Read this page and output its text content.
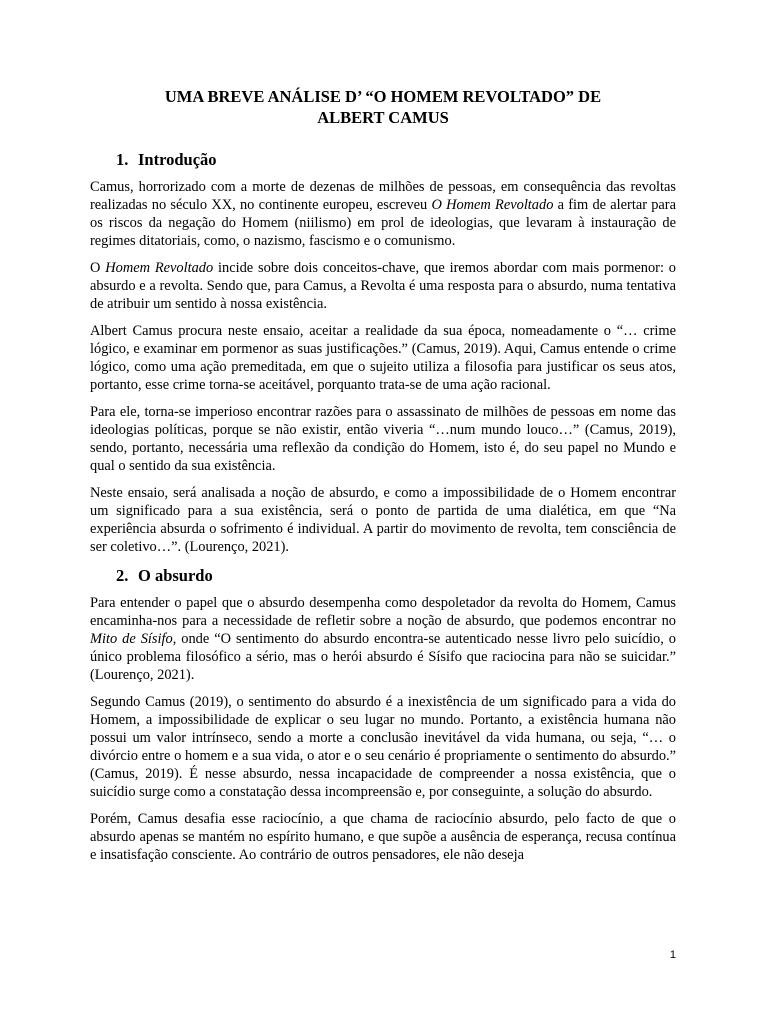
UMA BREVE ANÁLISE D’ “O HOMEM REVOLTADO” DE
ALBERT CAMUS
1. Introdução

Camus, horrorizado com a morte de dezenas de milhões de pessoas, em consequência das revoltas realizadas no século XX, no continente europeu, escreveu O Homem Revoltado a fim de alertar para os riscos da negação do Homem (niilismo) em prol de ideologias, que levaram à instauração de regimes ditatoriais, como, o nazismo, fascismo e o comunismo.

O Homem Revoltado incide sobre dois conceitos-chave, que iremos abordar com mais pormenor: o absurdo e a revolta. Sendo que, para Camus, a Revolta é uma resposta para o absurdo, numa tentativa de atribuir um sentido à nossa existência.

Albert Camus procura neste ensaio, aceitar a realidade da sua época, nomeadamente o “… crime lógico, e examinar em pormenor as suas justificações.” (Camus, 2019). Aqui, Camus entende o crime lógico, como uma ação premeditada, em que o sujeito utiliza a filosofia para justificar os seus atos, portanto, esse crime torna-se aceitável, porquanto trata-se de uma ação racional.

Para ele, torna-se imperioso encontrar razões para o assassinato de milhões de pessoas em nome das ideologias políticas, porque se não existir, então viveria “…num mundo louco…” (Camus, 2019), sendo, portanto, necessária uma reflexão da condição do Homem, isto é, do seu papel no Mundo e qual o sentido da sua existência.

Neste ensaio, será analisada a noção de absurdo, e como a impossibilidade de o Homem encontrar um significado para a sua existência, será o ponto de partida de uma dialética, em que “Na experiência absurda o sofrimento é individual. A partir do movimento de revolta, tem consciência de ser coletivo…”. (Lourenço, 2021).

2. O absurdo

Para entender o papel que o absurdo desempenha como despoletador da revolta do Homem, Camus encaminha-nos para a necessidade de refletir sobre a noção de absurdo, que podemos encontrar no Mito de Sísifo, onde “O sentimento do absurdo encontra-se autenticado nesse livro pelo suicídio, o único problema filosófico a sério, mas o herói absurdo é Sísifo que raciocina para não se suicidar.” (Lourenço, 2021).

Segundo Camus (2019), o sentimento do absurdo é a inexistência de um significado para a vida do Homem, a impossibilidade de explicar o seu lugar no mundo. Portanto, a existência humana não possui um valor intrínseco, sendo a morte a conclusão inevitável da vida humana, ou seja, “… o divórcio entre o homem e a sua vida, o ator e o seu cenário é propriamente o sentimento do absurdo.” (Camus, 2019). É nesse absurdo, nessa incapacidade de compreender a nossa existência, que o suicídio surge como a constatação dessa incompreensão e, por conseguinte, a solução do absurdo.

Porém, Camus desafia esse raciocínio, a que chama de raciocínio absurdo, pelo facto de que o absurdo apenas se mantém no espírito humano, e que supõe a ausência de esperança, recusa contínua e insatisfação consciente. Ao contrário de outros pensadores, ele não deseja

1
